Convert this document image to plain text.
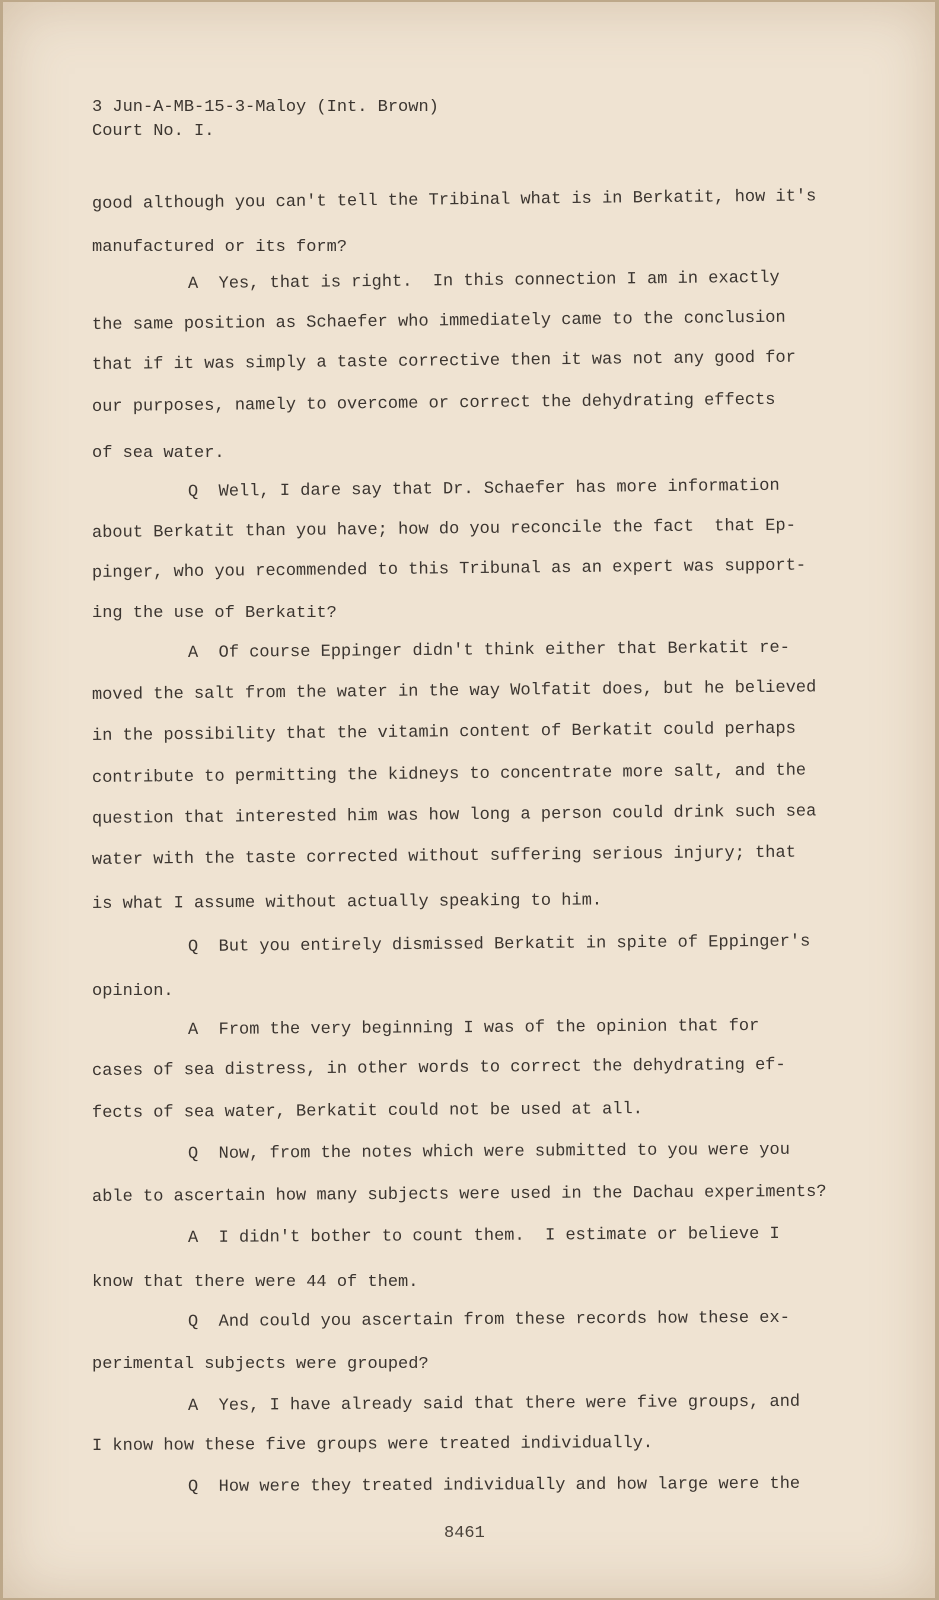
3 Jun-A-MB-15-3-Maloy (Int. Brown)
Court No. I.
good although you can't tell the Tribinal what is in Berkatit, how it's
manufactured or its form?
A  Yes, that is right.  In this connection I am in exactly
the same position as Schaefer who immediately came to the conclusion
that if it was simply a taste corrective then it was not any good for
our purposes, namely to overcome or correct the dehydrating effects
of sea water.
Q  Well, I dare say that Dr. Schaefer has more information
about Berkatit than you have; how do you reconcile the fact  that Ep-
pinger, who you recommended to this Tribunal as an expert was support-
ing the use of Berkatit?
A  Of course Eppinger didn't think either that Berkatit re-
moved the salt from the water in the way Wolfatit does, but he believed
in the possibility that the vitamin content of Berkatit could perhaps
contribute to permitting the kidneys to concentrate more salt, and the
question that interested him was how long a person could drink such sea
water with the taste corrected without suffering serious injury; that
is what I assume without actually speaking to him.
Q  But you entirely dismissed Berkatit in spite of Eppinger's
opinion.
A  From the very beginning I was of the opinion that for
cases of sea distress, in other words to correct the dehydrating ef-
fects of sea water, Berkatit could not be used at all.
Q  Now, from the notes which were submitted to you were you
able to ascertain how many subjects were used in the Dachau experiments?
A  I didn't bother to count them.  I estimate or believe I
know that there were 44 of them.
Q  And could you ascertain from these records how these ex-
perimental subjects were grouped?
A  Yes, I have already said that there were five groups, and
I know how these five groups were treated individually.
Q  How were they treated individually and how large were the
8461
